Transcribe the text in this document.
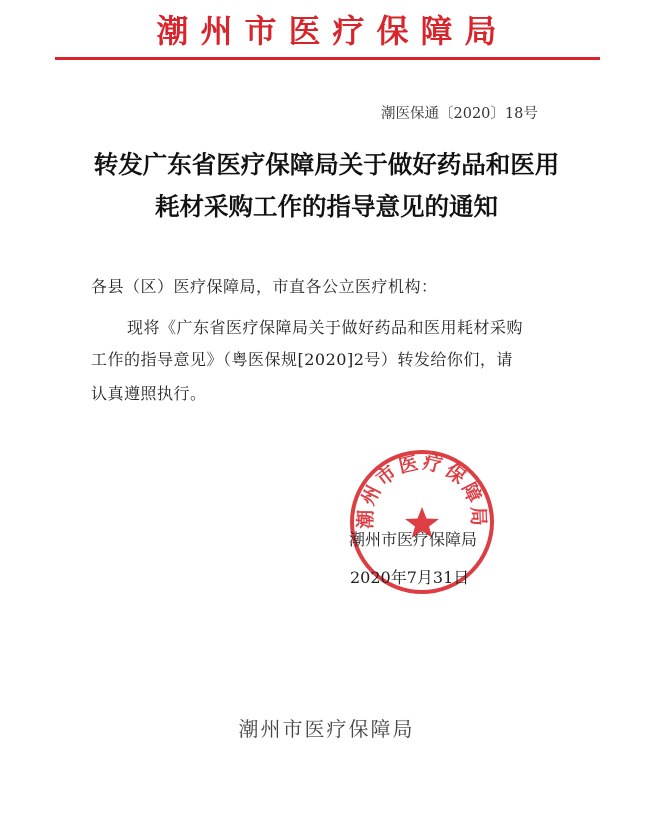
潮州市医疗保障局
潮医保通〔2020〕18号
转发广东省医疗保障局关于做好药品和医用
耗材采购工作的指导意见的通知
各县（区）医疗保障局，市直各公立医疗机构：
现将《广东省医疗保障局关于做好药品和医用耗材采购
工作的指导意见》（粤医保规[2020]2号）转发给你们，请
认真遵照执行。
潮州市医疗保障局
潮州市医疗保障局
2020年7月31日
潮州市医疗保障局
